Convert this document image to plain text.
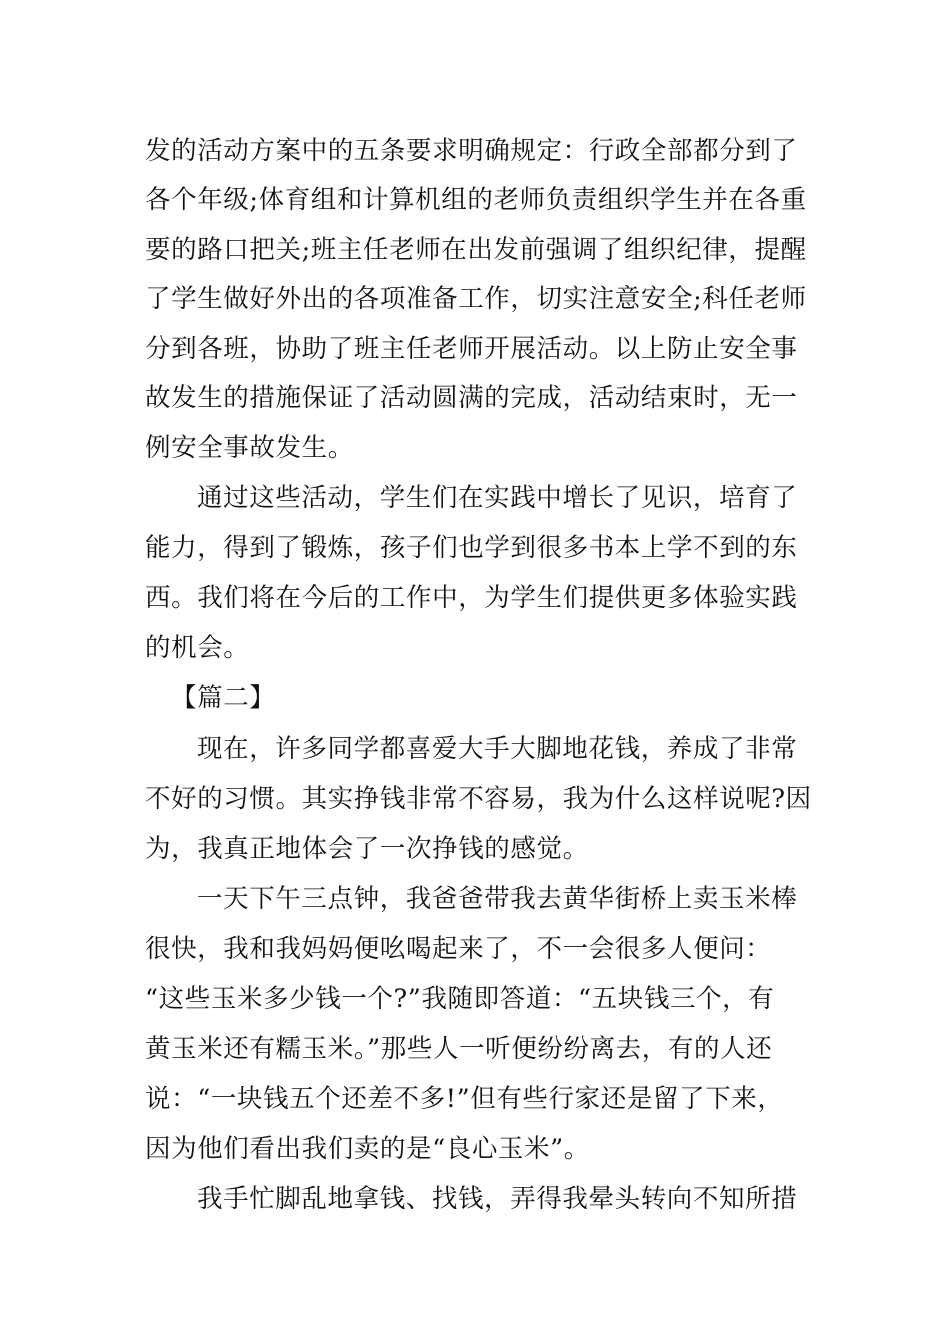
发的活动方案中的五条要求明确规定：行政全部都分到了
各个年级;体育组和计算机组的老师负责组织学生并在各重
要的路口把关;班主任老师在出发前强调了组织纪律，提醒
了学生做好外出的各项准备工作，切实注意安全;科任老师
分到各班，协助了班主任老师开展活动。以上防止安全事
故发生的措施保证了活动圆满的完成，活动结束时，无一
例安全事故发生。
通过这些活动，学生们在实践中增长了见识，培育了
能力，得到了锻炼，孩子们也学到很多书本上学不到的东
西。我们将在今后的工作中，为学生们提供更多体验实践
的机会。
【篇二】
现在，许多同学都喜爱大手大脚地花钱，养成了非常
不好的习惯。其实挣钱非常不容易，我为什么这样说呢?因
为，我真正地体会了一次挣钱的感觉。
一天下午三点钟，我爸爸带我去黄华街桥上卖玉米棒
很快，我和我妈妈便吆喝起来了，不一会很多人便问：
“这些玉米多少钱一个?”我随即答道：“五块钱三个，有
黄玉米还有糯玉米。”那些人一听便纷纷离去，有的人还
说：“一块钱五个还差不多!”但有些行家还是留了下来，
因为他们看出我们卖的是“良心玉米”。
我手忙脚乱地拿钱、找钱，弄得我晕头转向不知所措
